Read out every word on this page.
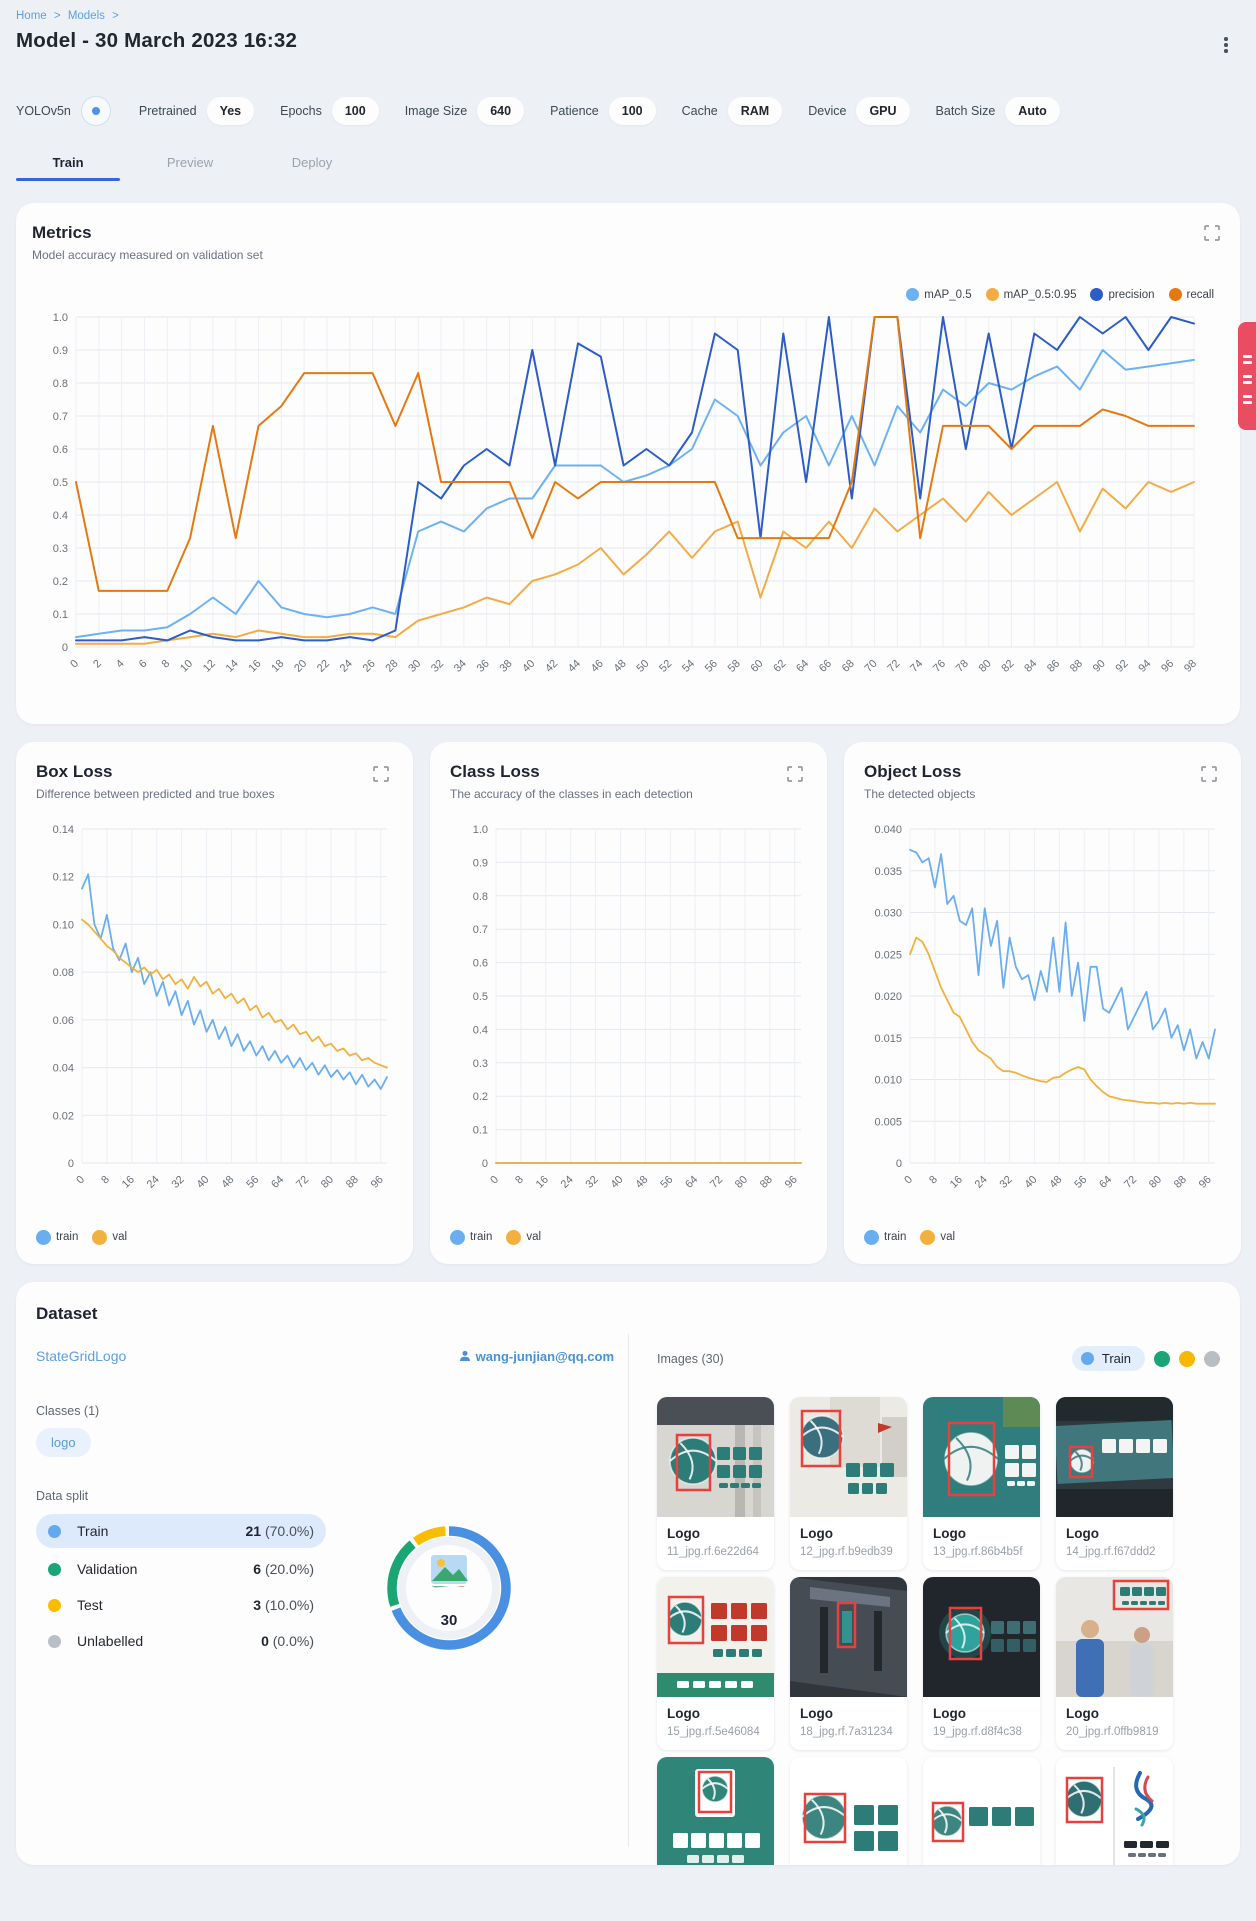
Home > Models >
Model - 30 March 2023 16:32
YOLOv5n	Pretrained	Yes	Epochs	100	Image Size	640	Patience	100	Cache	RAM	Device	GPU	Batch Size	Auto
Train	Preview	Deploy
Metrics
Model accuracy measured on validation set
mAP_0.5	mAP_0.5:0.95	precision	recall
1.0
0.9
0.8
0.7
0.6
0.5
0.4
0.3
0.2
0.1
0
0 2 4 6 8 10 12 14 16 18 20 22 24 26 28 30 32 34 36 38 40 42 44 46 48 50 52 54 56 58 60 62 64 66 68 70 72 74 76 78 80 82 84 86 88 90 92 94 96 98
Box Loss
Difference between predicted and true boxes
0.14
0.12
0.10
0.08
0.06
0.04
0.02
0
0 8 16 24 32 40 48 56 64 72 80 88 96
train	val
Class Loss
The accuracy of the classes in each detection
1.0
0.9
0.8
0.7
0.6
0.5
0.4
0.3
0.2
0.1
0
0 8 16 24 32 40 48 56 64 72 80 88 96
train	val
Object Loss
The detected objects
0.040
0.035
0.030
0.025
0.020
0.015
0.010
0.005
0
0 8 16 24 32 40 48 56 64 72 80 88 96
train	val
Dataset
StateGridLogo	wang-junjian@qq.com
Classes (1)
logo
Data split
Train	21 (70.0%)
Validation	6 (20.0%)
Test	3 (10.0%)
Unlabelled	0 (0.0%)
30
Images (30)	Train
Logo
11_jpg.rf.6e22d64
Logo
12_jpg.rf.b9edb39
Logo
13_jpg.rf.86b4b5f
Logo
14_jpg.rf.f67ddd2
Logo
15_jpg.rf.5e46084
Logo
18_jpg.rf.7a31234
Logo
19_jpg.rf.d8f4c38
Logo
20_jpg.rf.0ffb9819
